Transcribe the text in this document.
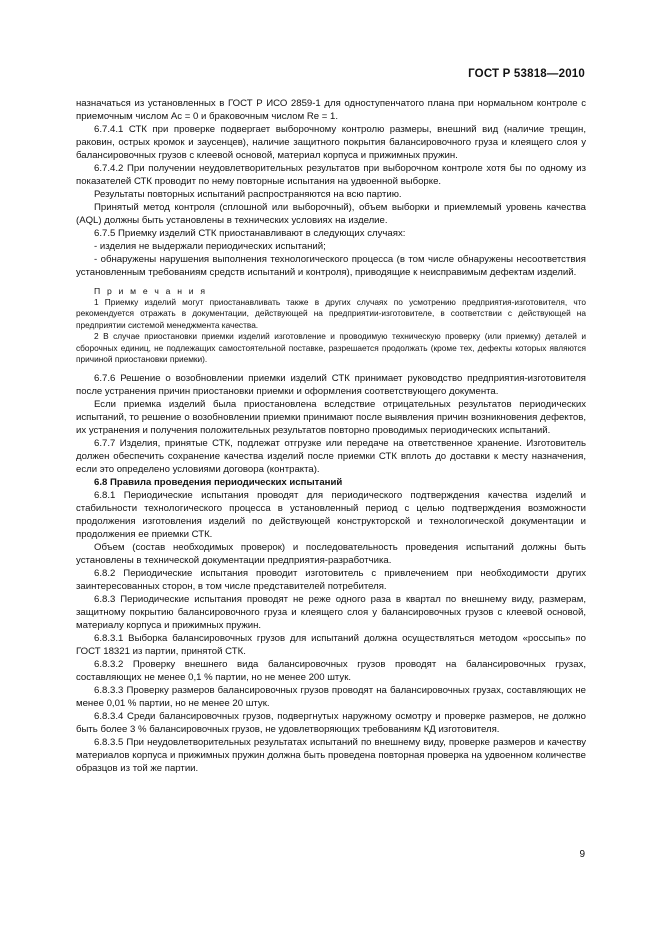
ГОСТ Р 53818—2010

назначаться из установленных в ГОСТ Р ИСО 2859-1 для одноступенчатого плана при нормальном контроле с приемочным числом Ac = 0 и браковочным числом Re = 1.

6.7.4.1 СТК при проверке подвергает выборочному контролю размеры, внешний вид (наличие трещин, раковин, острых кромок и заусенцев), наличие защитного покрытия балансировочного груза и клеящего слоя у балансировочных грузов с клеевой основой, материал корпуса и прижимных пружин.

6.7.4.2 При получении неудовлетворительных результатов при выборочном контроле хотя бы по одному из показателей СТК проводит по нему повторные испытания на удвоенной выборке.

Результаты повторных испытаний распространяются на всю партию.

Принятый метод контроля (сплошной или выборочный), объем выборки и приемлемый уровень качества (AQL) должны быть установлены в технических условиях на изделие.

6.7.5 Приемку изделий СТК приостанавливают в следующих случаях:

- изделия не выдержали периодических испытаний;

- обнаружены нарушения выполнения технологического процесса (в том числе обнаружены несоответствия установленным требованиям средств испытаний и контроля), приводящие к неисправимым дефектам изделий.

П р и м е ч а н и я

1 Приемку изделий могут приостанавливать также в других случаях по усмотрению предприятия-изготовителя, что рекомендуется отражать в документации, действующей на предприятии-изготовителе, в соответствии с действующей на предприятии системой менеджмента качества.

2 В случае приостановки приемки изделий изготовление и проводимую техническую проверку (или приемку) деталей и сборочных единиц, не подлежащих самостоятельной поставке, разрешается продолжать (кроме тех, дефекты которых являются причиной приостановки приемки).

6.7.6 Решение о возобновлении приемки изделий СТК принимает руководство предприятия-изготовителя после устранения причин приостановки приемки и оформления соответствующего документа.

Если приемка изделий была приостановлена вследствие отрицательных результатов периодических испытаний, то решение о возобновлении приемки принимают после выявления причин возникновения дефектов, их устранения и получения положительных результатов повторно проводимых периодических испытаний.

6.7.7 Изделия, принятые СТК, подлежат отгрузке или передаче на ответственное хранение. Изготовитель должен обеспечить сохранение качества изделий после приемки СТК вплоть до доставки к месту назначения, если это определено условиями договора (контракта).

6.8 Правила проведения периодических испытаний

6.8.1 Периодические испытания проводят для периодического подтверждения качества изделий и стабильности технологического процесса в установленный период с целью подтверждения возможности продолжения изготовления изделий по действующей конструкторской и технологической документации и продолжения ее приемки СТК.

Объем (состав необходимых проверок) и последовательность проведения испытаний должны быть установлены в технической документации предприятия-разработчика.

6.8.2 Периодические испытания проводит изготовитель с привлечением при необходимости других заинтересованных сторон, в том числе представителей потребителя.

6.8.3 Периодические испытания проводят не реже одного раза в квартал по внешнему виду, размерам, защитному покрытию балансировочного груза и клеящего слоя у балансировочных грузов с клеевой основой, материалу корпуса и прижимных пружин.

6.8.3.1 Выборка балансировочных грузов для испытаний должна осуществляться методом «россыпь» по ГОСТ 18321 из партии, принятой СТК.

6.8.3.2 Проверку внешнего вида балансировочных грузов проводят на балансировочных грузах, составляющих не менее 0,1 % партии, но не менее 200 штук.

6.8.3.3 Проверку размеров балансировочных грузов проводят на балансировочных грузах, составляющих не менее 0,01 % партии, но не менее 20 штук.

6.8.3.4 Среди балансировочных грузов, подвергнутых наружному осмотру и проверке размеров, не должно быть более 3 % балансировочных грузов, не удовлетворяющих требованиям КД изготовителя.

6.8.3.5 При неудовлетворительных результатах испытаний по внешнему виду, проверке размеров и качеству материалов корпуса и прижимных пружин должна быть проведена повторная проверка на удвоенном количестве образцов из той же партии.

9
